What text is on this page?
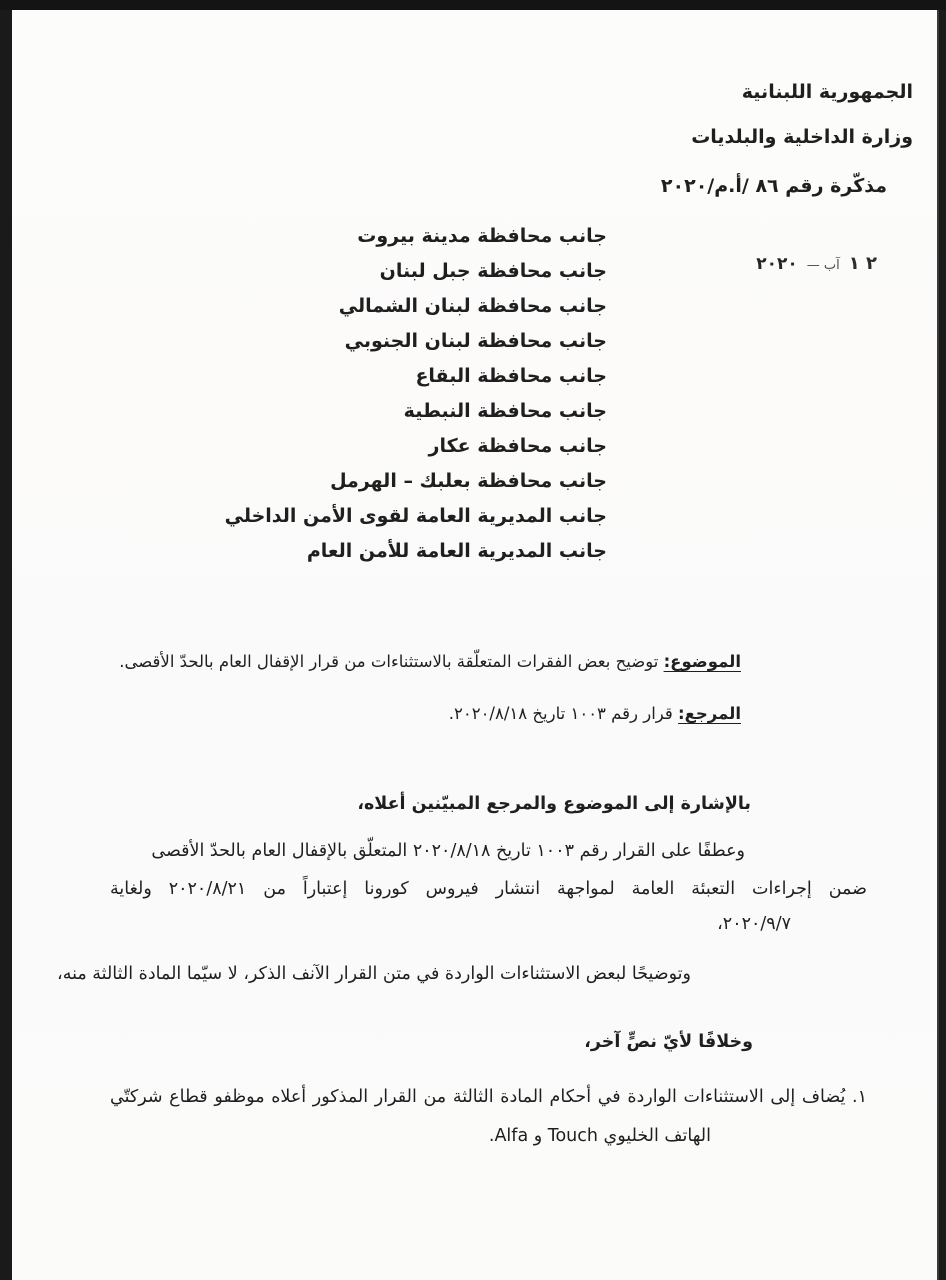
الجمهورية اللبنانية
وزارة الداخلية والبلديات
مذكّرة رقم ٨٦ /أ.م/٢٠٢٠
٢٠٢٠ — آب ٢ ١
جانب محافظة مدينة بيروت
جانب محافظة جبل لبنان
جانب محافظة لبنان الشمالي
جانب محافظة لبنان الجنوبي
جانب محافظة البقاع
جانب محافظة النبطية
جانب محافظة عكار
جانب محافظة بعلبك – الهرمل
جانب المديرية العامة لقوى الأمن الداخلي
جانب المديرية العامة للأمن العام
الموضوع: توضيح بعض الفقرات المتعلّقة بالاستثناءات من قرار الإقفال العام بالحدّ الأقصى.
المرجع: قرار رقم ١٠٠٣ تاريخ ٢٠٢٠/٨/١٨.
بالإشارة إلى الموضوع والمرجع المبيّنين أعلاه،
وعطفًا على القرار رقم ١٠٠٣ تاريخ ٢٠٢٠/٨/١٨ المتعلّق بالإقفال العام بالحدّ الأقصى
ضمن إجراءات التعبئة العامة لمواجهة انتشار فيروس كورونا إعتباراً من ٢٠٢٠/٨/٢١ ولغاية
٢٠٢٠/٩/٧،
وتوضيحًا لبعض الاستثناءات الواردة في متن القرار الآنف الذكر، لا سيّما المادة الثالثة منه،
وخلافًا لأيّ نصٍّ آخر،
١. يُضاف إلى الاستثناءات الواردة في أحكام المادة الثالثة من القرار المذكور أعلاه موظفو قطاع شركتّي
الهاتف الخليوي Touch و Alfa.
